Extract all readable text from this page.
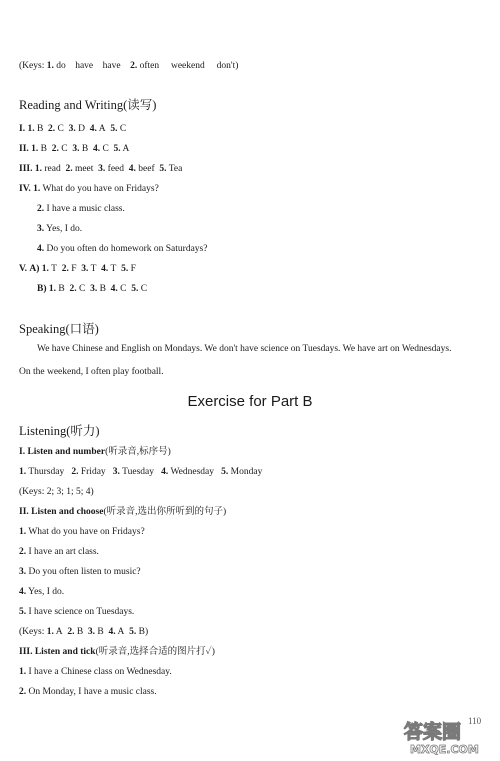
(Keys: 1. do have have 2. often weekend don't)
Reading and Writing(读写)
I. 1. B 2. C 3. D 4. A 5. C
II. 1. B 2. C 3. B 4. C 5. A
III. 1. read 2. meet 3. feed 4. beef 5. Tea
IV. 1. What do you have on Fridays?
2. I have a music class.
3. Yes, I do.
4. Do you often do homework on Saturdays?
V. A) 1. T 2. F 3. T 4. T 5. F
B) 1. B 2. C 3. B 4. C 5. C
Speaking(口语)
We have Chinese and English on Mondays. We don't have science on Tuesdays. We have art on Wednesdays. On the weekend, I often play football.
Exercise for Part B
Listening(听力)
I. Listen and number(听录音,标序号)
1. Thursday 2. Friday 3. Tuesday 4. Wednesday 5. Monday
(Keys: 2; 3; 1; 5; 4)
II. Listen and choose(听录音,选出你所听到的句子)
1. What do you have on Fridays?
2. I have an art class.
3. Do you often listen to music?
4. Yes, I do.
5. I have science on Tuesdays.
(Keys: 1. A 2. B 3. B 4. A 5. B)
III. Listen and tick(听录音,选择合适的图片打✓)
1. I have a Chinese class on Wednesday.
2. On Monday, I have a music class.
110
答案圈
MXQE.COM
